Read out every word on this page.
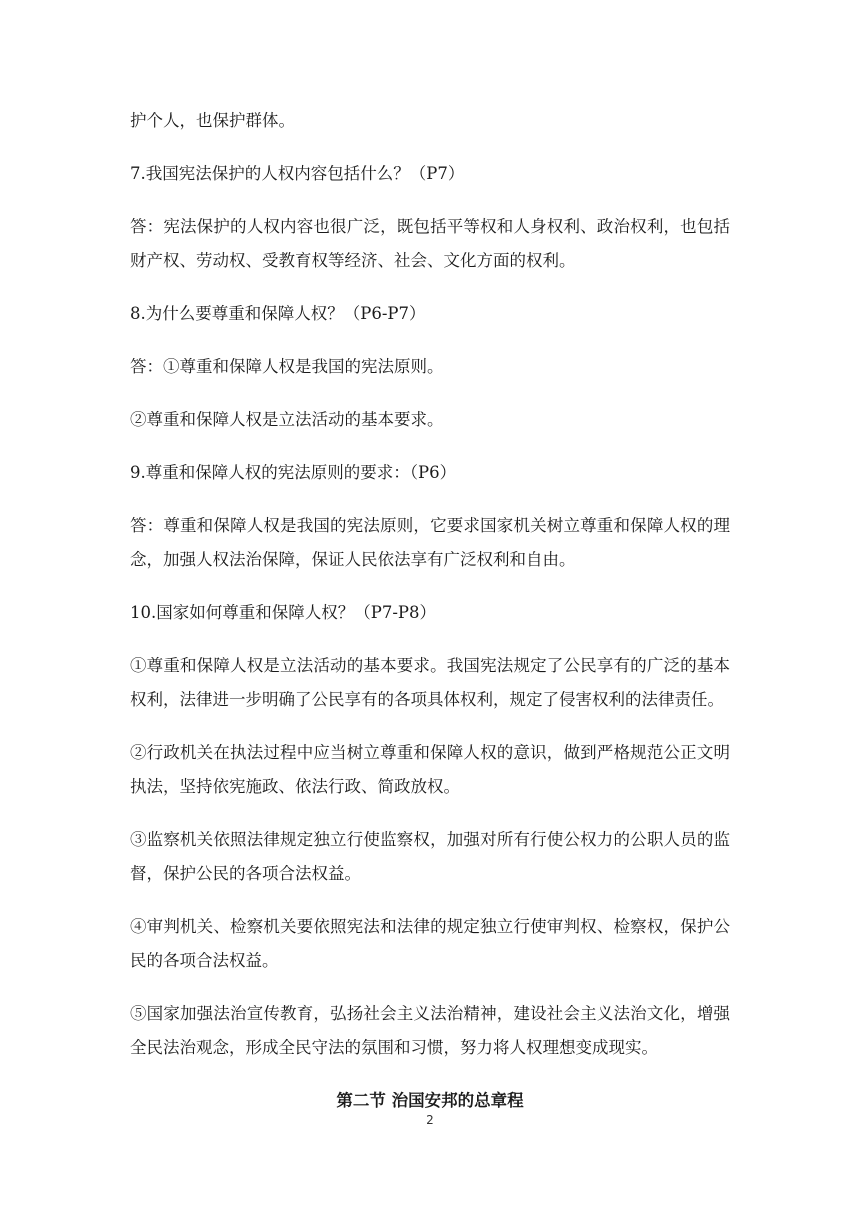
护个人，也保护群体。

7.我国宪法保护的人权内容包括什么？（P7）

答：宪法保护的人权内容也很广泛，既包括平等权和人身权利、政治权利，也包括财产权、劳动权、受教育权等经济、社会、文化方面的权利。

8.为什么要尊重和保障人权？（P6-P7）

答：①尊重和保障人权是我国的宪法原则。

②尊重和保障人权是立法活动的基本要求。

9.尊重和保障人权的宪法原则的要求：（P6）

答：尊重和保障人权是我国的宪法原则，它要求国家机关树立尊重和保障人权的理念，加强人权法治保障，保证人民依法享有广泛权利和自由。

10.国家如何尊重和保障人权？（P7-P8）

①尊重和保障人权是立法活动的基本要求。我国宪法规定了公民享有的广泛的基本权利，法律进一步明确了公民享有的各项具体权利，规定了侵害权利的法律责任。

②行政机关在执法过程中应当树立尊重和保障人权的意识，做到严格规范公正文明执法，坚持依宪施政、依法行政、简政放权。

③监察机关依照法律规定独立行使监察权，加强对所有行使公权力的公职人员的监督，保护公民的各项合法权益。

④审判机关、检察机关要依照宪法和法律的规定独立行使审判权、检察权，保护公民的各项合法权益。

⑤国家加强法治宣传教育，弘扬社会主义法治精神，建设社会主义法治文化，增强全民法治观念，形成全民守法的氛围和习惯，努力将人权理想变成现实。

第二节 治国安邦的总章程

2
